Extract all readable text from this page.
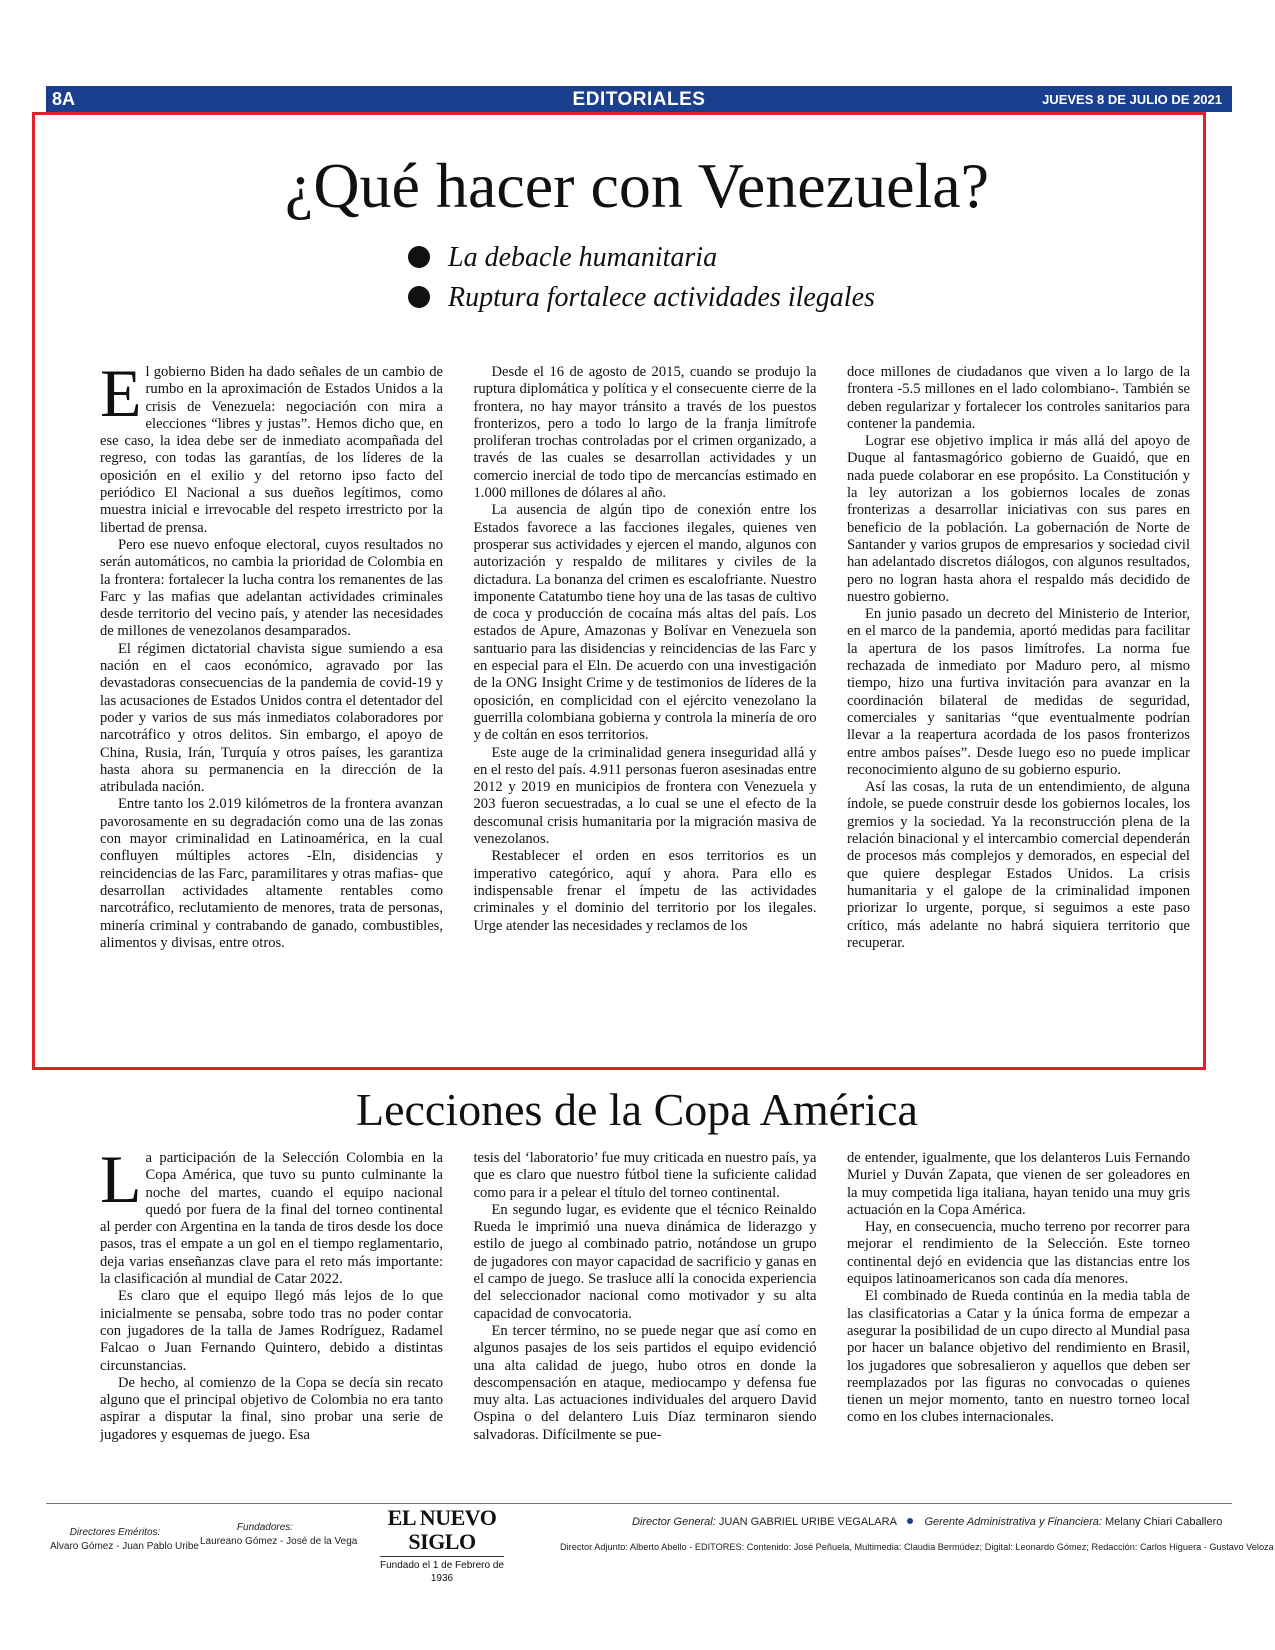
8A	EDITORIALES	JUEVES 8 DE JULIO DE 2021
¿Qué hacer con Venezuela?
La debacle humanitaria
Ruptura fortalece actividades ilegales
E l gobierno Biden ha dado señales de un cambio de rumbo en la aproximación de Estados Unidos a la crisis de Venezuela: negociación con mira a elecciones “libres y justas”. Hemos dicho que, en ese caso, la idea debe ser de inmediato acompañada del regreso, con todas las garantías, de los líderes de la oposición en el exilio y del retorno ipso facto del periódico El Nacional a sus dueños legítimos, como muestra inicial e irrevocable del respeto irrestricto por la libertad de prensa.

Pero ese nuevo enfoque electoral, cuyos resultados no serán automáticos, no cambia la prioridad de Colombia en la frontera: fortalecer la lucha contra los remanentes de las Farc y las mafias que adelantan actividades criminales desde territorio del vecino país, y atender las necesidades de millones de venezolanos desamparados.

El régimen dictatorial chavista sigue sumiendo a esa nación en el caos económico, agravado por las devastadoras consecuencias de la pandemia de covid-19 y las acusaciones de Estados Unidos contra el detentador del poder y varios de sus más inmediatos colaboradores por narcotráfico y otros delitos. Sin embargo, el apoyo de China, Rusia, Irán, Turquía y otros países, les garantiza hasta ahora su permanencia en la dirección de la atribulada nación.

Entre tanto los 2.019 kilómetros de la frontera avanzan pavorosamente en su degradación como una de las zonas con mayor criminalidad en Latinoamérica, en la cual confluyen múltiples actores -Eln, disidencias y reincidencias de las Farc, paramilitares y otras mafias- que desarrollan actividades altamente rentables como narcotráfico, reclutamiento de menores, trata de personas, minería criminal y contrabando de ganado, combustibles, alimentos y divisas, entre otros.

Desde el 16 de agosto de 2015, cuando se produjo la ruptura diplomática y política y el consecuente cierre de la frontera, no hay mayor tránsito a través de los puestos fronterizos, pero a todo lo largo de la franja limítrofe proliferan trochas controladas por el crimen organizado, a través de las cuales se desarrollan actividades y un comercio inercial de todo tipo de mercancías estimado en 1.000 millones de dólares al año.

La ausencia de algún tipo de conexión entre los Estados favorece a las facciones ilegales, quienes ven prosperar sus actividades y ejercen el mando, algunos con autorización y respaldo de militares y civiles de la dictadura. La bonanza del crimen es escalofriante. Nuestro imponente Catatumbo tiene hoy una de las tasas de cultivo de coca y producción de cocaína más altas del país. Los estados de Apure, Amazonas y Bolívar en Venezuela son santuario para las disidencias y reincidencias de las Farc y en especial para el Eln. De acuerdo con una investigación de la ONG Insight Crime y de testimonios de líderes de la oposición, en complicidad con el ejército venezolano la guerrilla colombiana gobierna y controla la minería de oro y de coltán en esos territorios.

Este auge de la criminalidad genera inseguridad allá y en el resto del país. 4.911 personas fueron asesinadas entre 2012 y 2019 en municipios de frontera con Venezuela y 203 fueron secuestradas, a lo cual se une el efecto de la descomunal crisis humanitaria por la migración masiva de venezolanos.

Restablecer el orden en esos territorios es un imperativo categórico, aquí y ahora. Para ello es indispensable frenar el ímpetu de las actividades criminales y el dominio del territorio por los ilegales. Urge atender las necesidades y reclamos de los

doce millones de ciudadanos que viven a lo largo de la frontera -5.5 millones en el lado colombiano-. También se deben regularizar y fortalecer los controles sanitarios para contener la pandemia.

Lograr ese objetivo implica ir más allá del apoyo de Duque al fantasmagórico gobierno de Guaidó, que en nada puede colaborar en ese propósito. La Constitución y la ley autorizan a los gobiernos locales de zonas fronterizas a desarrollar iniciativas con sus pares en beneficio de la población. La gobernación de Norte de Santander y varios grupos de empresarios y sociedad civil han adelantado discretos diálogos, con algunos resultados, pero no logran hasta ahora el respaldo más decidido de nuestro gobierno.

En junio pasado un decreto del Ministerio de Interior, en el marco de la pandemia, aportó medidas para facilitar la apertura de los pasos limítrofes. La norma fue rechazada de inmediato por Maduro pero, al mismo tiempo, hizo una furtiva invitación para avanzar en la coordinación bilateral de medidas de seguridad, comerciales y sanitarias “que eventualmente podrían llevar a la reapertura acordada de los pasos fronterizos entre ambos países”. Desde luego eso no puede implicar reconocimiento alguno de su gobierno espurio.

Así las cosas, la ruta de un entendimiento, de alguna índole, se puede construir desde los gobiernos locales, los gremios y la sociedad. Ya la reconstrucción plena de la relación binacional y el intercambio comercial dependerán de procesos más complejos y demorados, en especial del que quiere desplegar Estados Unidos. La crisis humanitaria y el galope de la criminalidad imponen priorizar lo urgente, porque, si seguimos a este paso crítico, más adelante no habrá siquiera territorio que recuperar.

Lecciones de la Copa América
L a participación de la Selección Colombia en la Copa América, que tuvo su punto culminante la noche del martes, cuando el equipo nacional quedó por fuera de la final del torneo continental al perder con Argentina en la tanda de tiros desde los doce pasos, tras el empate a un gol en el tiempo reglamentario, deja varias enseñanzas clave para el reto más importante: la clasificación al mundial de Catar 2022.

Es claro que el equipo llegó más lejos de lo que inicialmente se pensaba, sobre todo tras no poder contar con jugadores de la talla de James Rodríguez, Radamel Falcao o Juan Fernando Quintero, debido a distintas circunstancias.

De hecho, al comienzo de la Copa se decía sin recato alguno que el principal objetivo de Colombia no era tanto aspirar a disputar la final, sino probar una serie de jugadores y esquemas de juego. Esa

tesis del ‘laboratorio’ fue muy criticada en nuestro país, ya que es claro que nuestro fútbol tiene la suficiente calidad como para ir a pelear el título del torneo continental.

En segundo lugar, es evidente que el técnico Reinaldo Rueda le imprimió una nueva dinámica de liderazgo y estilo de juego al combinado patrio, notándose un grupo de jugadores con mayor capacidad de sacrificio y ganas en el campo de juego. Se trasluce allí la conocida experiencia del seleccionador nacional como motivador y su alta capacidad de convocatoria.

En tercer término, no se puede negar que así como en algunos pasajes de los seis partidos el equipo evidenció una alta calidad de juego, hubo otros en donde la descompensación en ataque, mediocampo y defensa fue muy alta. Las actuaciones individuales del arquero David Ospina o del delantero Luis Díaz terminaron siendo salvadoras. Difícilmente se pue-

de entender, igualmente, que los delanteros Luis Fernando Muriel y Duván Zapata, que vienen de ser goleadores en la muy competida liga italiana, hayan tenido una muy gris actuación en la Copa América.

Hay, en consecuencia, mucho terreno por recorrer para mejorar el rendimiento de la Selección. Este torneo continental dejó en evidencia que las distancias entre los equipos latinoamericanos son cada día menores.

El combinado de Rueda continúa en la media tabla de las clasificatorias a Catar y la única forma de empezar a asegurar la posibilidad de un cupo directo al Mundial pasa por hacer un balance objetivo del rendimiento en Brasil, los jugadores que sobresalieron y aquellos que deben ser reemplazados por las figuras no convocadas o quienes tienen un mejor momento, tanto en nuestro torneo local como en los clubes internacionales.

Directores Eméritos:
Alvaro Gómez - Juan Pablo Uribe
Fundadores:
Laureano Gómez - José de la Vega
EL NUEVO SIGLO
Fundado el 1 de Febrero de 1936
Director General: JUAN GABRIEL URIBE VEGALARA	Gerente Administrativa y Financiera: Melany Chiari Caballero
Director Adjunto: Alberto Abello - EDITORES: Contenido: José Peñuela, Multimedia: Claudia Bermúdez; Digital: Leonardo Gómez; Redacción: Carlos Higuera - Gustavo Veloza
